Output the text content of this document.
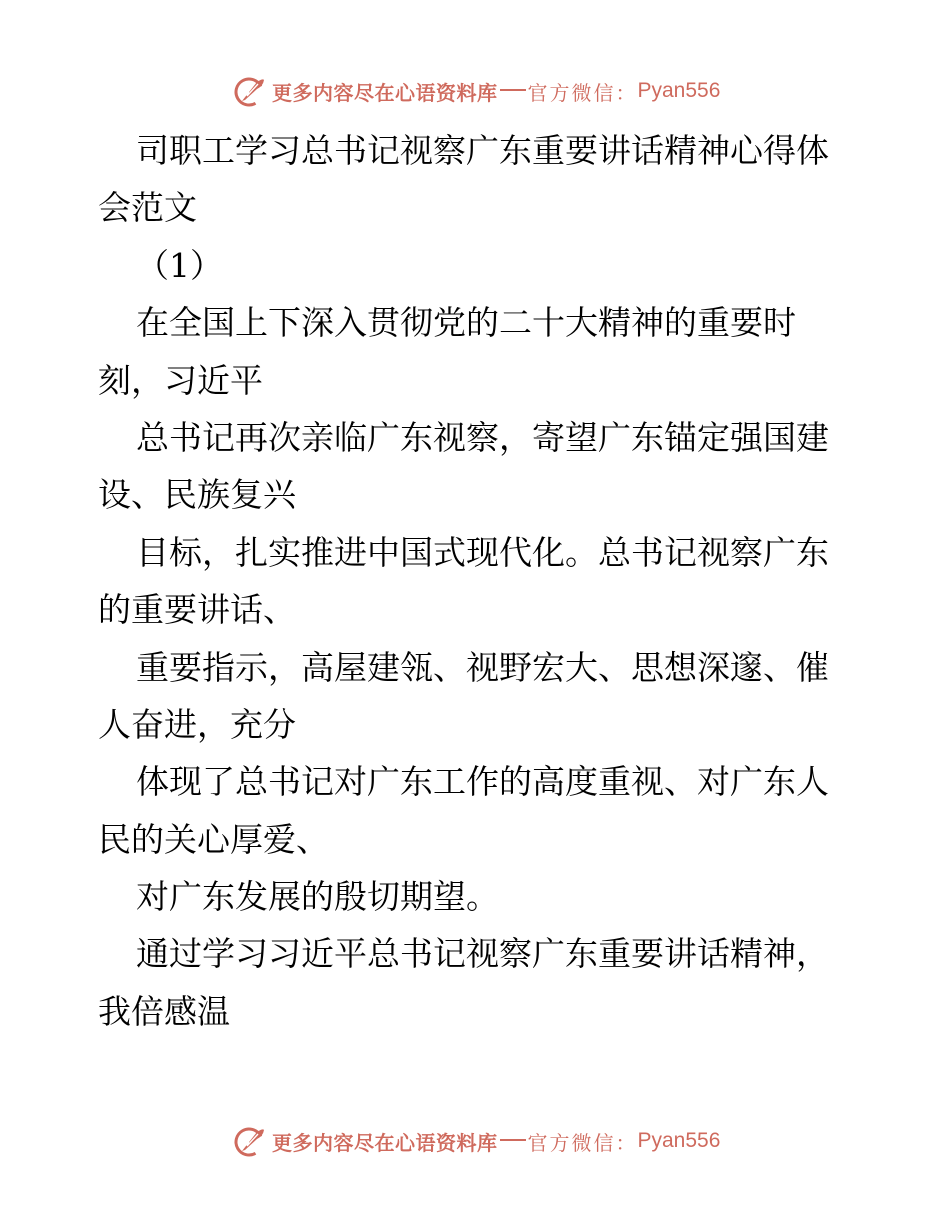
更多内容尽在心语资料库 官方微信： Pyan556
司职工学习总书记视察广东重要讲话精神心得体
会范文
（1）
在全国上下深入贯彻党的二十大精神的重要时
刻，习近平
总书记再次亲临广东视察，寄望广东锚定强国建
设、民族复兴
目标，扎实推进中国式现代化。总书记视察广东
的重要讲话、
重要指示，高屋建瓴、视野宏大、思想深邃、催
人奋进，充分
体现了总书记对广东工作的高度重视、对广东人
民的关心厚爱、
对广东发展的殷切期望。
通过学习习近平总书记视察广东重要讲话精神，
我倍感温
更多内容尽在心语资料库 官方微信： Pyan556
